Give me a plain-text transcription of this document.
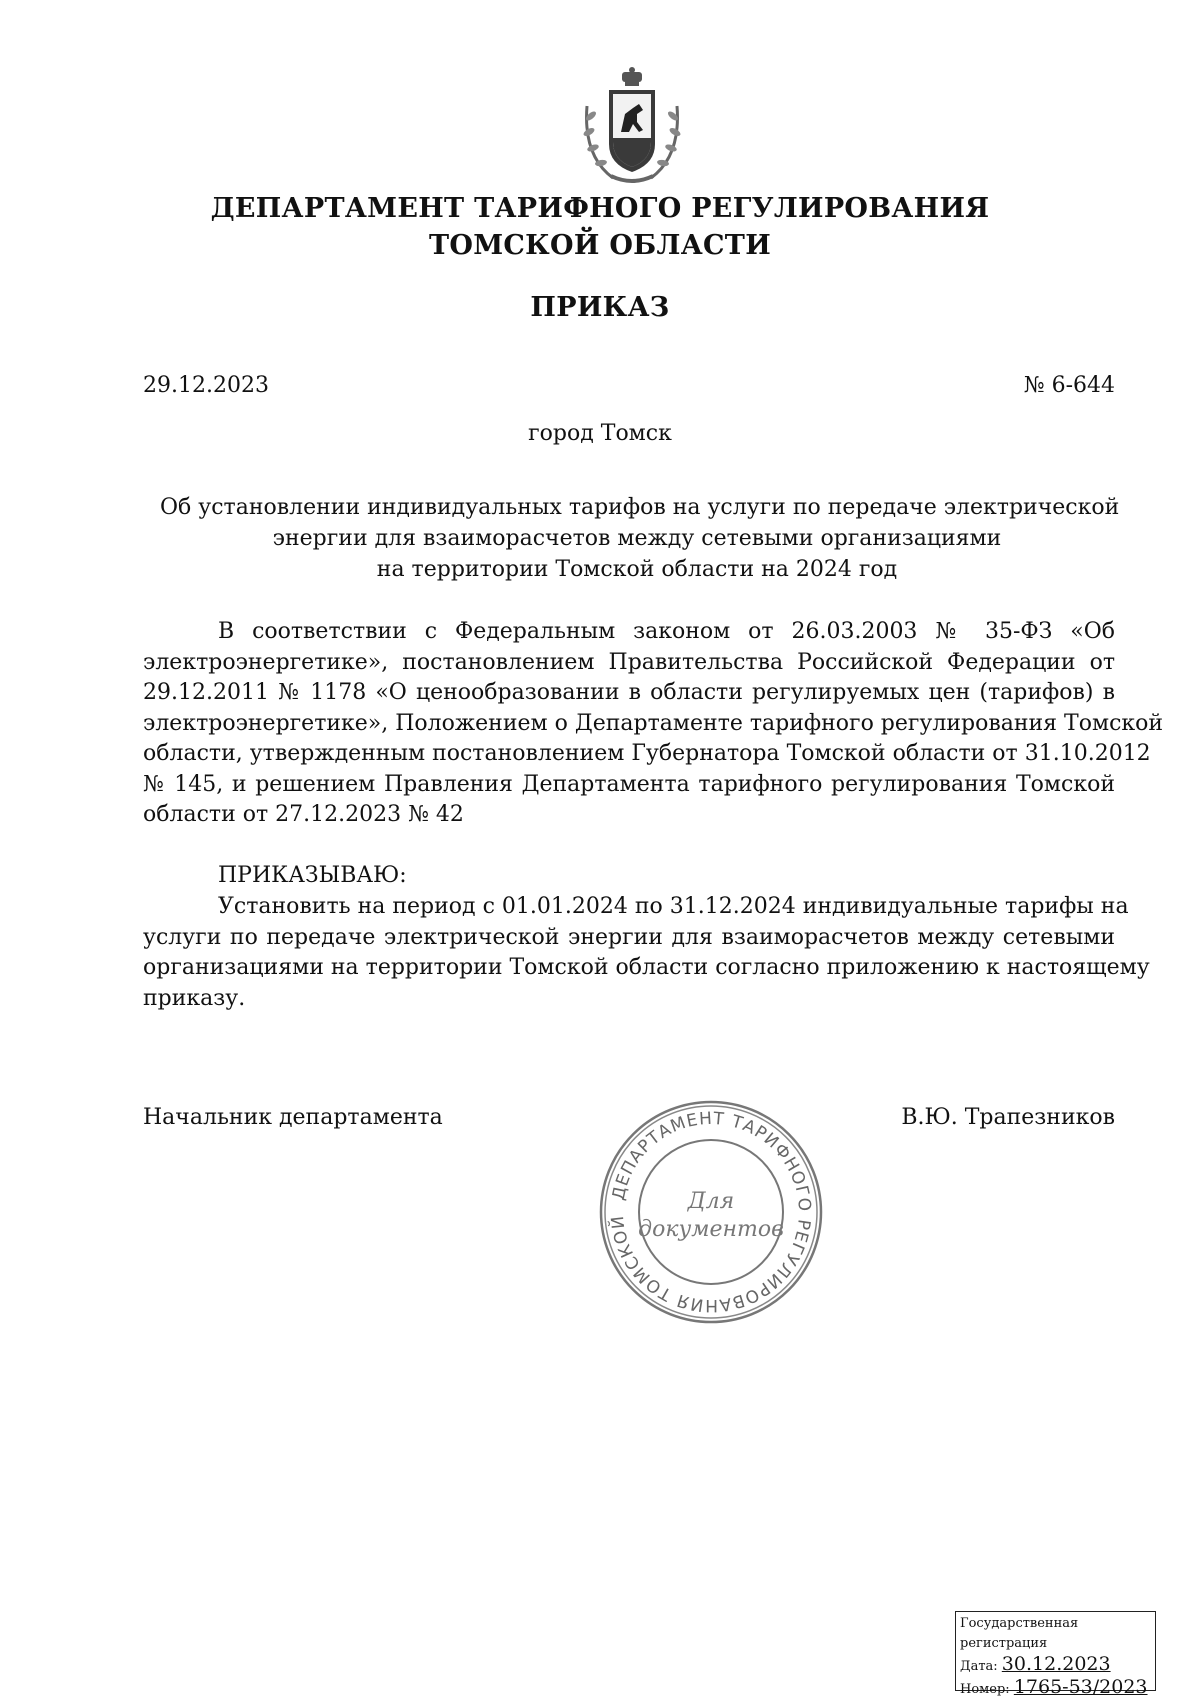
ДЕПАРТАМЕНТ ТАРИФНОГО РЕГУЛИРОВАНИЯ
ТОМСКОЙ ОБЛАСТИ
ПРИКАЗ
29.12.2023	№ 6-644
город Томск
Об установлении индивидуальных тарифов на услуги по передаче электрической
энергии для взаиморасчетов между сетевыми организациями
на территории Томской области на 2024 год
В соответствии с Федеральным законом от 26.03.2003 № 35-ФЗ «Об
электроэнергетике», постановлением Правительства Российской Федерации от
29.12.2011 № 1178 «О ценообразовании в области регулируемых цен (тарифов) в
электроэнергетике», Положением о Департаменте тарифного регулирования Томской
области, утвержденным постановлением Губернатора Томской области от 31.10.2012
№ 145, и решением Правления Департамента тарифного регулирования Томской
области от 27.12.2023 № 42
ПРИКАЗЫВАЮ:
Установить на период с 01.01.2024 по 31.12.2024 индивидуальные тарифы на
услуги по передаче электрической энергии для взаиморасчетов между сетевыми
организациями на территории Томской области согласно приложению к настоящему
приказу.
Начальник департамента	В.Ю. Трапезников
ДЕПАРТАМЕНТ ТАРИФНОГО РЕГУЛИРОВАНИЯ ТОМСКОЙ
Для
документов
Государственная регистрация
Дата: 30.12.2023
Номер: 1765-53/2023
